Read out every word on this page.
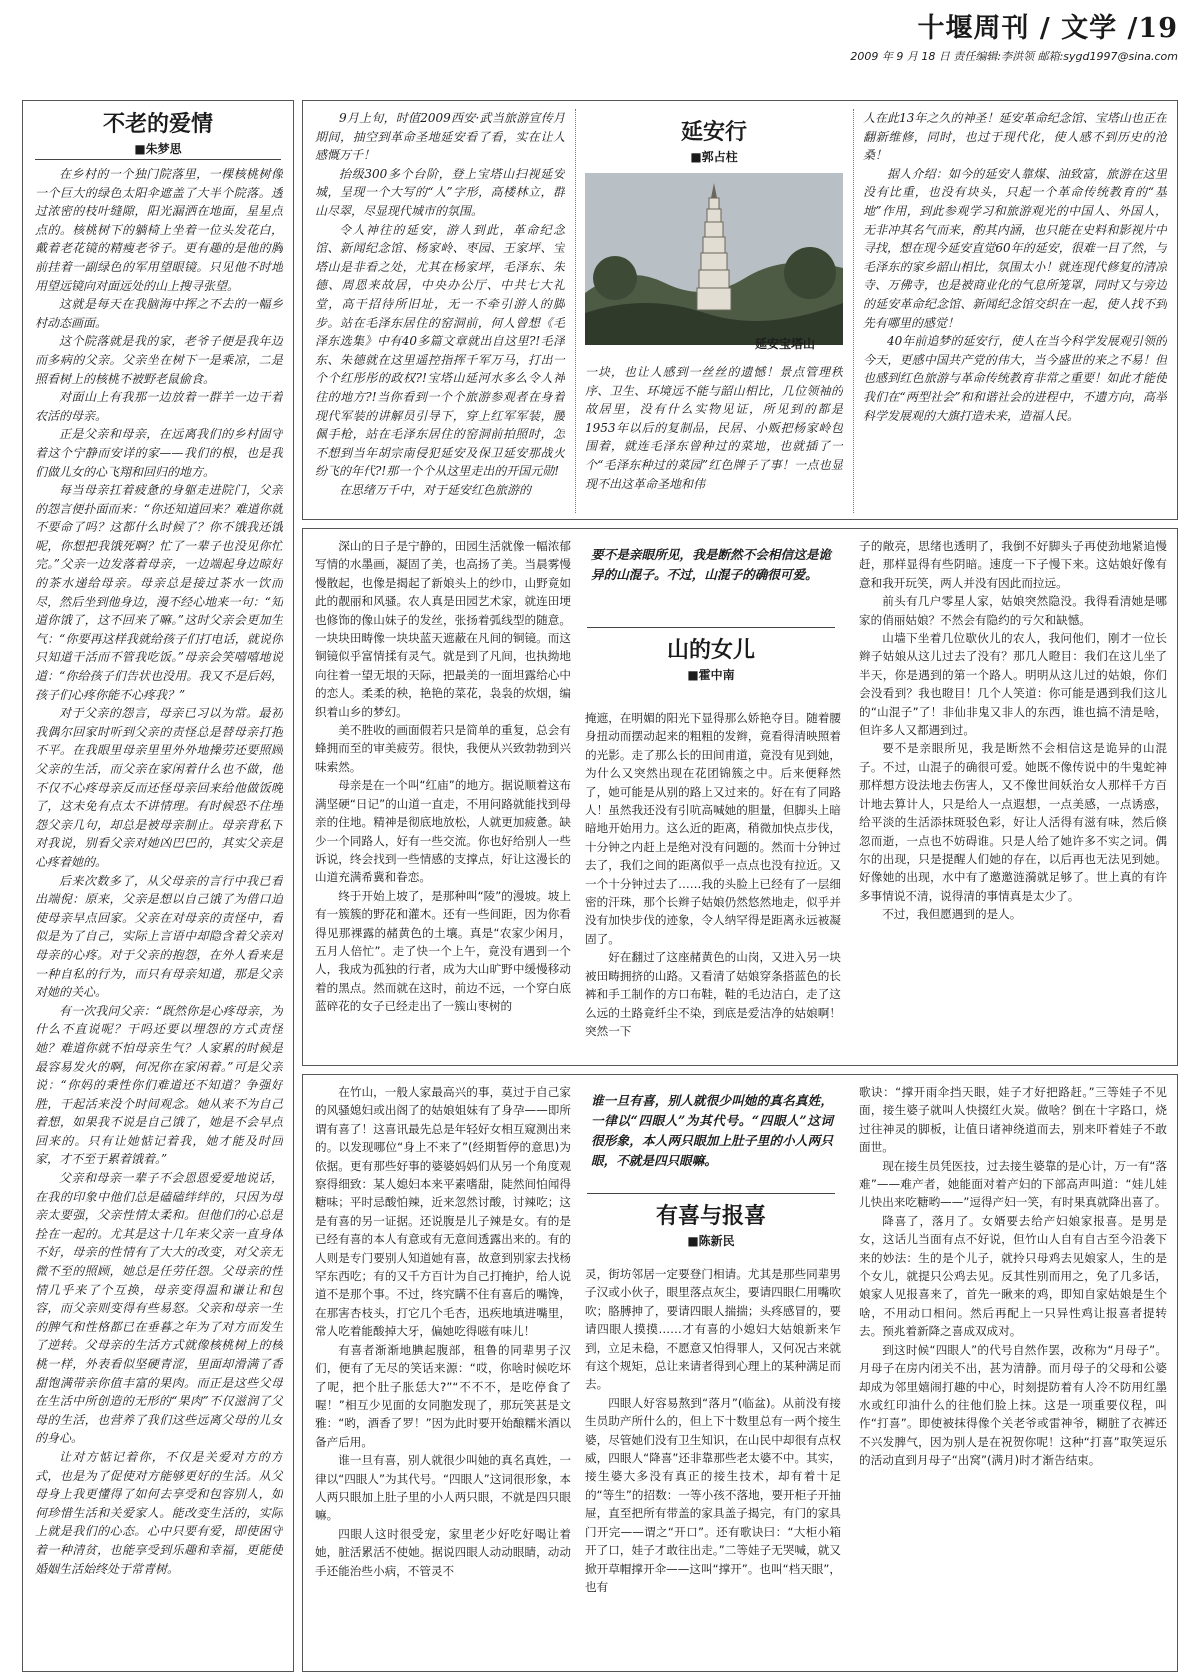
十堰周刊 / 文学 /19
2009 年 9 月 18 日 责任编辑:李洪领 邮箱:sygd1997@sina.com
不老的爱情
■朱梦思

在乡村的一个独门院落里，一棵核桃树像一个巨大的绿色太阳伞遮盖了大半个院落。透过浓密的枝叶缝隙，阳光漏洒在地面，星星点点的。核桃树下的躺椅上坐着一位头发花白，戴着老花镜的精瘦老爷子。更有趣的是他的胸前挂着一副绿色的军用望眼镜。只见他不时地用望远镜向对面远处的山上搜寻张望。

这就是每天在我脑海中挥之不去的一幅乡村动态画面。

这个院落就是我的家，老爷子便是我年迈而多病的父亲。父亲坐在树下一是乘凉，二是照看树上的核桃不被野老鼠偷食。

对面山上有我那一边放着一群羊一边干着农活的母亲。

正是父亲和母亲，在远离我们的乡村固守着这个宁静而安详的家——我们的根，也是我们做儿女的心飞翔和回归的地方。

每当母亲扛着疲惫的身躯走进院门，父亲的怨言便扑面而来：“你还知道回来？难道你就不要命了吗？这都什么时候了？你不饿我还饿呢，你想把我饿死啊？忙了一辈子也没见你忙完。”父亲一边发落着母亲，一边端起身边晾好的茶水递给母亲。母亲总是接过茶水一饮而尽，然后坐到他身边，漫不经心地来一句：“知道你饿了，这不回来了嘛。”这时父亲会更加生气：“你要再这样我就给孩子们打电话，就说你只知道干活而不管我吃饭。”母亲会笑嘻嘻地说道：“你给孩子们告状也没用。我又不是后妈，孩子们心疼你能不心疼我？”

对于父亲的怨言，母亲已习以为常。最初我偶尔回家时听到父亲的责怪总是替母亲打抱不平。在我眼里母亲里里外外地操劳还要照顾父亲的生活，而父亲在家闲着什么也不做，他不仅不心疼母亲反而还怪母亲回来给他做饭晚了，这未免有点太不讲情理。有时候恐不住埋怨父亲几句，却总是被母亲制止。母亲背私下对我说，别看父亲对她凶巴巴的，其实父亲是心疼着她的。

后来次数多了，从父母亲的言行中我已看出端倪：原来，父亲是想以自己饿了为借口迫使母亲早点回家。父亲在对母亲的责怪中，看似是为了自己，实际上言语中却隐含着父亲对母亲的心疼。对于父亲的抱怨，在外人看来是一种自私的行为，而只有母亲知道，那是父亲对她的关心。

有一次我问父亲：“既然你是心疼母亲，为什么不直说呢？干吗还要以埋怨的方式责怪她？难道你就不怕母亲生气？人家累的时候是最容易发火的啊，何况你在家闲着。”可是父亲说：“你妈的秉性你们难道还不知道？争强好胜，干起活来没个时间观念。她从来不为自己着想，如果我不说是自己饿了，她是不会早点回来的。只有让她惦记着我，她才能及时回家，才不至于累着饿着。”

父亲和母亲一辈子不会恩恩爱爱地说话，在我的印象中他们总是磕磕绊绊的，只因为母亲太要强，父亲性情太柔和。但他们的心总是拴在一起的。尤其是这十几年来父亲一直身体不好，母亲的性情有了大大的改变，对父亲无微不至的照顾，她总是任劳任怨。父母亲的性情几乎来了个互换，母亲变得温和谦让和包容，而父亲则变得有些易怒。父亲和母亲一生的脾气和性格都已在垂暮之年为了对方而发生了逆转。父母亲的生活方式就像核桃树上的核桃一样，外表看似坚硬青涩，里面却滑满了香甜饱满带亲你值丰富的果肉。而正是这些父母在生活中所创造的无形的“果肉”不仅滋润了父母的生活，也营养了我们这些远离父母的儿女的身心。

让对方惦记着你，不仅是关爱对方的方式，也是为了促使对方能够更好的生活。从父母身上我更懂得了如何去享受和包容别人，如何珍惜生活和关爱家人。能改变生活的，实际上就是我们的心态。心中只要有爱，即使困守着一种清贫，也能享受到乐趣和幸福，更能使婚姻生活始终处于常青树。

9月上旬，时值2009西安·武当旅游宣传月期间，抽空到革命圣地延安看了看，实在让人感慨万千！

抬级300多个台阶，登上宝塔山扫视延安城，呈现一个大写的“人”字形，高楼林立，群山尽翠，尽显现代城市的氛围。

令人神往的延安，游人到此，革命纪念馆、新闻纪念馆、杨家岭、枣园、王家坪、宝塔山是非看之处，尤其在杨家坪，毛泽东、朱德、周恩来故居，中央办公厅、中共七大礼堂，高干招待所旧址，无一不牵引游人的脚步。站在毛泽东居住的窑洞前，何人曾想《毛泽东选集》中有40多篇文章就出自这里?!毛泽东、朱德就在这里遥控指挥千军万马，打出一个个红彤彤的政权?!宝塔山延河水多么令人神往的地方?!当你看到一个个旅游参观者在身着现代军装的讲解员引导下，穿上红军军装，腰佩手枪，站在毛泽东居住的窑洞前拍照时，怎不想到当年胡宗南侵犯延安及保卫延安那战火纷飞的年代?!那一个个从这里走出的开国元勋!

在思绪万千中，对于延安红色旅游的

延安行
■郭占柱
延安宝塔山

一块，也让人感到一丝丝的遗憾！景点管理秩序、卫生、环境远不能与韶山相比，几位领袖的故居里，没有什么实物见证，所见到的都是1953年以后的复制品，民居、小贩把杨家岭包围着，就连毛泽东曾种过的菜地，也就插了一个“毛泽东种过的菜园”红色牌子了事！一点也显现不出这革命圣地和伟

人在此13年之久的神圣！延安革命纪念馆、宝塔山也正在翻新维修，同时，也过于现代化，使人感不到历史的沧桑！

据人介绍：如今的延安人靠煤、油致富，旅游在这里没有比重，也没有块头，只起一个革命传统教育的“基地”作用，到此参观学习和旅游观光的中国人、外国人，无非冲其名气而来，酌其内涵，也只能在史料和影视片中寻找，想在现今延安直觉60年的延安，很难一目了然，与毛泽东的家乡韶山相比，氛围太小！就连现代修复的清凉寺、万佛寺，也是被商业化的气息所笼罩，同时又与旁边的延安革命纪念馆、新闻纪念馆交织在一起，使人找不到先有哪里的感觉！

40年前追梦的延安行，使人在当今科学发展观引领的今天，更感中国共产党的伟大，当今盛世的来之不易！但也感到红色旅游与革命传统教育非常之重要！如此才能使我们在“两型社会”和和谐社会的进程中，不遗方向，高举科学发展观的大旗打造未来，造福人民。

深山的日子是宁静的，田园生活就像一幅浓郁写情的水墨画，凝固了美，也高扬了美。当晨雾慢慢散起，也像是揭起了新娘头上的纱巾，山野竟如此的靓丽和风骚。农人真是田园艺术家，就连田埂也修饰的像山妹子的发丝，张扬着弧线型的随意。一块块田畴像一块块蓝天遮蔽在凡间的铜镜。而这铜镜似乎富情揉有灵气。就是到了凡间，也执拗地向往着一望无垠的天际，把最美的一面坦露给心中的恋人。柔柔的秧，艳艳的菜花，袅袅的炊烟，编织着山乡的梦幻。

美不胜收的画面假若只是简单的重复，总会有蜂拥而至的审美疲劳。很快，我便从兴致勃勃到兴味索然。

母亲是在一个叫“红庙”的地方。据说顺着这布满坚硬“日记”的山道一直走，不用问路就能找到母亲的住地。精神是彻底地放松，人就更加疲惫。缺少一个同路人，好有一些交流。你也好给别人一些诉说，终会找到一些情感的支撑点，好让这漫长的山道充满希冀和眷恋。

终于开始上坡了，是那种叫“陵”的漫坡。坡上有一簇簇的野花和灌木。还有一些间距，因为你看得见那裸露的赭黄色的土壤。真是“农家少闲月，五月人倍忙”。走了快一个上午，竟没有遇到一个人，我成为孤独的行者，成为大山旷野中缓慢移动着的黑点。然而就在这时，前边不远，一个穿白底蓝碎花的女子已经走出了一簇山枣树的

要不是亲眼所见，我是断然不会相信这是诡异的山混子。不过，山混子的确很可爱。
山的女儿
■霍中南

掩遮，在明媚的阳光下显得那么娇艳夺目。随着腰身扭动而摆动起来的粗粗的发辫，竟看得清映照着的光影。走了那么长的田间甫道，竟没有见到她，为什么又突然出现在花团锦簇之中。后来便释然了，她可能是从别的路上又过来的。好在有了同路人！虽然我还没有引吭高喊她的胆量，但脚头上暗暗地开始用力。这么近的距离，稍微加快点步伐，十分钟之内赶上是绝对没有问题的。然而十分钟过去了，我们之间的距离似乎一点点也没有拉近。又一个十分钟过去了……我的头脸上已经有了一层细密的汗珠，那个长辫子姑娘仍然悠然地走，似乎并没有加快步伐的迹象，令人纳罕得是距离永远被凝固了。

好在翻过了这座赭黄色的山岗，又进入另一块被田畴拥挤的山路。又看清了姑娘穿条搭蓝色的长裤和手工制作的方口布鞋，鞋的毛边洁白，走了这么远的土路竟纤尘不染，到底是爱洁净的姑娘啊！突然一下

子的敞亮，思绪也透明了，我倒不好脚头子再使劲地紧追慢赶，那样显得有些阴暗。速度一下子慢下来。这姑娘好像有意和我开玩笑，两人并没有因此而拉远。

前头有几户零星人家，姑娘突然隐没。我得看清她是哪家的俏丽姑娘？不然会有隐约的亏欠和缺憾。

山墙下坐着几位歇伙儿的农人，我问他们，刚才一位长辫子姑娘从这儿过去了没有？那几人瞪目：我们在这儿坐了半天，你是遇到的第一个路人。明明从这儿过的姑娘，你们会没看到？我也瞪目！几个人笑道：你可能是遇到我们这儿的“山混子”了！非仙非鬼又非人的东西，谁也搞不清是啥，但许多人又都遇到过。

要不是亲眼所见，我是断然不会相信这是诡异的山混子。不过，山混子的确很可爱。她既不像传说中的牛鬼蛇神那样想方设法地去伤害人，又不像世间妖治女人那样千方百计地去算计人，只是给人一点遐想，一点美感，一点诱惑，给平淡的生活添抹斑驳色彩，好让人活得有滋有味，然后倏忽而逝，一点也不妨碍谁。只是人给了她许多不实之词。偶尔的出现，只是提醒人们她的存在，以后再也无法见到她。好像她的出现，水中有了邀邀涟漪就足够了。世上真的有许多事情说不清，说得清的事情真是太少了。

不过，我但愿遇到的是人。

在竹山，一般人家最高兴的事，莫过于自己家的风骚媳妇或出阁了的姑娘姐妹有了身孕——即所谓有喜了！这喜讯最先总是年轻好女相互窥测出来的。以发现哪位“身上不来了”(经期暂停的意思)为依据。更有那些好事的婆婆妈妈们从另一个角度观察得细致：某人媳妇本来平素嗜甜，陡然间怕闻得糖味；平时忌酸怕辣，近来忽然讨酸，讨辣吃；这是有喜的另一证据。还说腹是儿子辣是女。有的是已经有喜的本人有意或有无意间透露出来的。有的人则是专门要别人知道她有喜，故意到别家去找杨罕东西吃；有的又千方百计为自己打掩护，给人说道不是那个事。不过，终究瞒不住有喜后的嘴馋，在那害杏枝头，打它几个毛杏，迅疾地填进嘴里，常人吃着能酸掉大牙，偏她吃得嗞有味儿！

有喜者渐渐地腆起腹部，租鲁的同辈男子汉们，便有了无尽的笑话来源：“哎，你啥时候吃坏了呢，把个肚子胀恁大?”“不不不，是吃停食了喔！”相互少见面的女同胞发现了，那玩笑甚是文雅：“哟，酒香了罗！”因为此时要开始酿糯米酒以备产后用。

谁一旦有喜，别人就很少叫她的真名真姓，一律以“四眼人”为其代号。“四眼人”这词很形象，本人两只眼加上肚子里的小人两只眼，不就是四只眼嘛。

四眼人这时很受宠，家里老少好吃好喝让着她，脏活累活不使她。据说四眼人动动眼睛，动动手还能治些小病，不管灵不

谁一旦有喜，别人就很少叫她的真名真姓，一律以“四眼人”为其代号。“四眼人”这词很形象，本人两只眼加上肚子里的小人两只眼，不就是四只眼嘛。
有喜与报喜
■陈新民

灵，街坊邻居一定要登门相请。尤其是那些同辈男子汉或小伙子，眼里落点灰尘，要请四眼仁用嘴吹吹；胳膊抻了，要请四眼人揣揣；头疼感冒的，要请四眼人摸摸……才有喜的小媳妇大姑娘新来乍到，立足未稳，不愿意又怕得罪人，又何况古来就有这个规矩，总让来请者得到心理上的某种满足而去。

四眼人好容易熬到“落月”(临盆)。从前没有接生员助产所什么的，但上下十数里总有一两个接生婆，尽管她们没有卫生知识，在山民中却很有点权威，四眼人“降喜”还非靠那些老太婆不中。其实，接生婆大多没有真正的接生技术，却有着十足的“等生”的招数：一等小孩不落地，要开柜子开抽屉，直至把所有带盖的家具盖子揭完，有门的家具门开完——谓之“开口”。还有歌诀曰：“大柜小箱开了口，娃子才敢往出走。”二等娃子无哭喊，就又掀开草帽撑开伞——这叫“撑开”。也叫“档天眼”，也有

歌诀：“撑开雨伞挡天眼，娃子才好把路赶。”三等娃子不见面，接生婆子就叫人快掇红火炭。做啥？倒在十字路口，烧过往神灵的脚板，让值日诸神绕道而去，别来吓着娃子不敢面世。

现在接生员凭医技，过去接生婆靠的是心计，万一有“落难”——难产者，她能面对着产妇的下部高声叫道：“娃儿娃儿快出来吃糖哟——”逗得产妇一笑，有时果真就降出喜了。

降喜了，落月了。女婿要去给产妇娘家报喜。是男是女，这话儿当面有点不好说，但竹山人自有自古至今沿袭下来的妙法：生的是个儿子，就拎只母鸡去见娘家人，生的是个女儿，就提只公鸡去见。反其性别而用之，免了几多话，娘家人见报喜来了，首先一瞅来的鸡，即知自家姑娘是生个啥，不用动口相问。然后再配上一只异性鸡让报喜者提转去。预兆着新降之喜成双成对。

到这时候“四眼人”的代号自然作罢，改称为“月母子”。月母子在房内闭关不出，甚为清静。而月母子的父母和公婆却成为邻里嬉闹打趣的中心，时刻提防着有人冷不防用红墨水或红印油什么的往他们脸上抹。这是一项重要仪程，叫作“打喜”。即使被抹得像个关老爷或雷神爷，糊脏了衣裤还不兴发脾气，因为别人是在祝贺你呢！这种“打喜”取笑逗乐的活动直到月母子“出窝”(满月)时才渐告结束。
